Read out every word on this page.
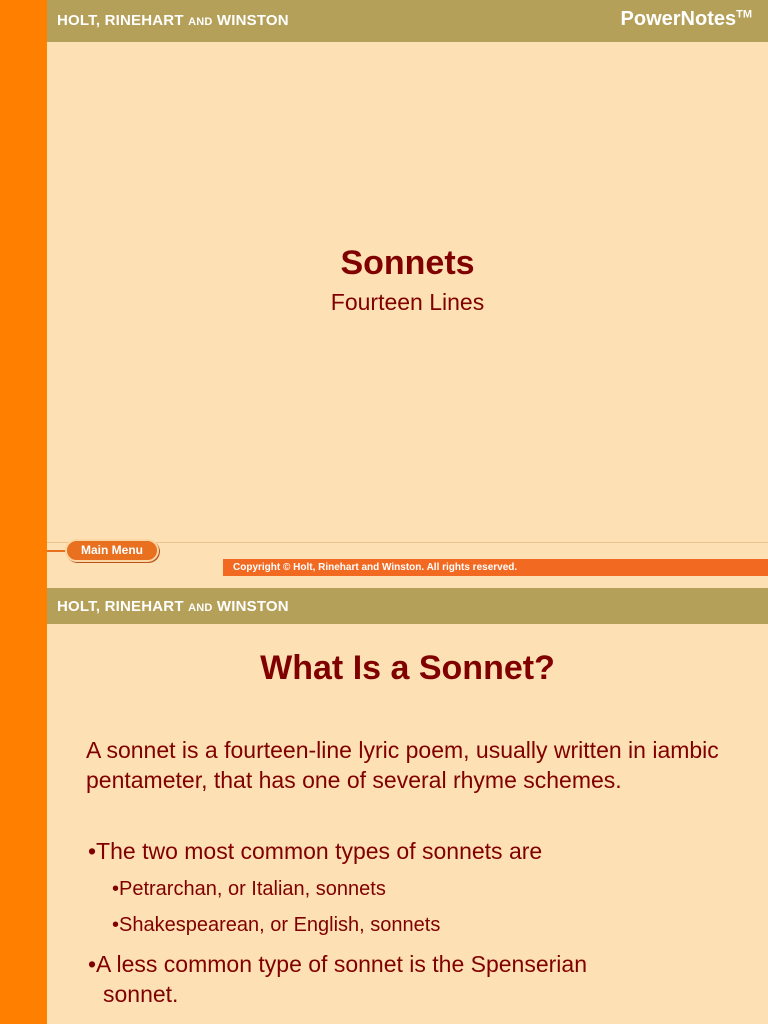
HOLT, RINEHART AND WINSTON	PowerNotes™
Sonnets
Fourteen Lines
Main Menu
Copyright © Holt, Rinehart and Winston. All rights reserved.
HOLT, RINEHART AND WINSTON
What Is a Sonnet?
A sonnet is a fourteen-line lyric poem, usually written in iambic pentameter, that has one of several rhyme schemes.
•The two most common types of sonnets are
•Petrarchan, or Italian, sonnets
•Shakespearean, or English, sonnets
•A less common type of sonnet is the Spenserian
sonnet.
